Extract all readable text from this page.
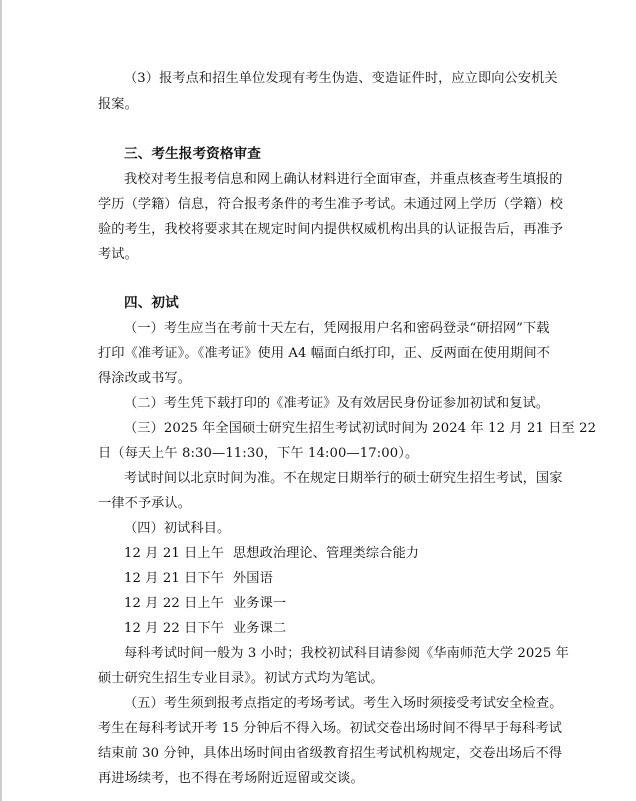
（3）报考点和招生单位发现有考生伪造、变造证件时，应立即向公安机关
报案。
三、考生报考资格审查
我校对考生报考信息和网上确认材料进行全面审查，并重点核查考生填报的
学历（学籍）信息，符合报考条件的考生准予考试。未通过网上学历（学籍）校
验的考生，我校将要求其在规定时间内提供权威机构出具的认证报告后，再准予
考试。
四、初试
（一）考生应当在考前十天左右，凭网报用户名和密码登录“研招网”下载
打印《准考证》。《准考证》使用 A4 幅面白纸打印，正、反两面在使用期间不
得涂改或书写。
（二）考生凭下载打印的《准考证》及有效居民身份证参加初试和复试。
（三）2025 年全国硕士研究生招生考试初试时间为 2024 年 12 月 21 日至 22
日（每天上午 8:30—11:30，下午 14:00—17:00）。
考试时间以北京时间为准。不在规定日期举行的硕士研究生招生考试，国家
一律不予承认。
（四）初试科目。
12 月 21 日上午 思想政治理论、管理类综合能力
12 月 21 日下午 外国语
12 月 22 日上午 业务课一
12 月 22 日下午 业务课二
每科考试时间一般为 3 小时；我校初试科目请参阅《华南师范大学 2025 年
硕士研究生招生专业目录》。初试方式均为笔试。
（五）考生须到报考点指定的考场考试。考生入场时须接受考试安全检查。
考生在每科考试开考 15 分钟后不得入场。初试交卷出场时间不得早于每科考试
结束前 30 分钟，具体出场时间由省级教育招生考试机构规定，交卷出场后不得
再进场续考，也不得在考场附近逗留或交谈。
